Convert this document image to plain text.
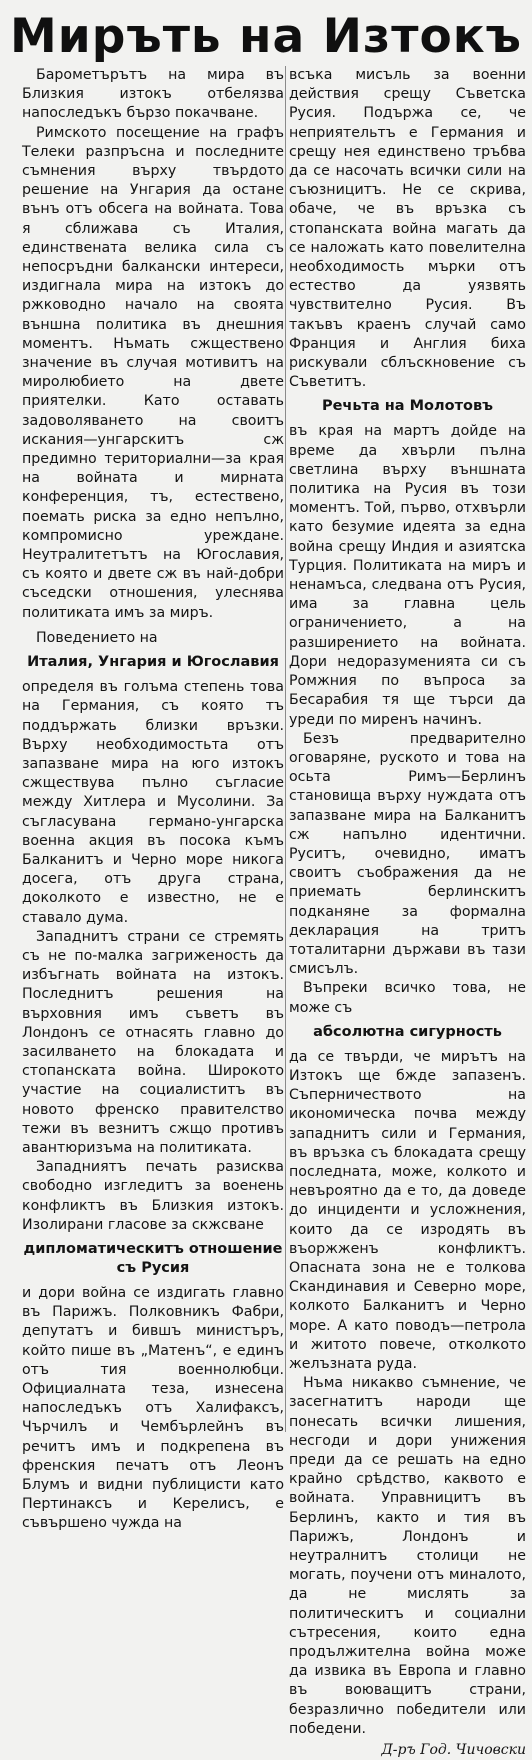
Миръть на Изтокъ

Барометърътъ на мира въ Близкия изтокъ отбелязва напоследъкъ бързо покачване.

Римското посещение на графъ Телеки разпръсна и последните съмнения върху твърдото решение на Унгария да остане вънъ отъ обсега на войната. Това я сближава съ Италия, единствената велика сила съ непосръдни балкански интереси, издигнала мира на изтокъ до ржководно начало на своята външна политика въ днешния моментъ. Нъмать сжществено значение въ случая мотивитъ на миролюбието на двете приятелки. Като оставать задоволяването на своитъ искания—унгарскитъ сж предимно териториални—за края на войната и мирната конференция, тъ, естествено, поемать риска за едно непълно, компромисно уреждане. Неутралитетътъ на Югославия, съ която и двете сж въ най-добри съседски отношения, улеснява политиката имъ за миръ.

Поведението на
Италия, Унгария и Югославия

определя въ голъма степень това на Германия, съ която тъ поддържать близки връзки. Върху необходимостьта отъ запазване мира на юго изтокъ сжществува пълно съгласие между Хитлера и Мусолини. За съгласувана германо-унгарска военна акция въ посока къмъ Балканитъ и Черно море никога досега, отъ друга страна, доколкото е известно, не е ставало дума.

Западнитъ страни се стремять съ не по-малка загриженость да избъгнать войната на изтокъ. Последнитъ решения на върховния имъ съветъ въ Лондонъ се отнасять главно до засилването на блокадата и стопанската война. Широкото участие на социалиститъ въ новото френско правителство тежи въ везнитъ сжщо противъ авантюризъма на политиката.

Западниятъ печать разисква свободно изгледитъ за военень конфликтъ въ Близкия изтокъ. Изолирани гласове за скжсване

дипломатическитъ отношение съ Русия

и дори война се издигать главно въ Парижъ. Полковникъ Фабри, депутатъ и бившъ министъръ, който пише въ „Матенъ“, е единъ отъ тия военнолюбци. Официалната теза, изнесена напоследъкъ отъ Халифаксъ, Чърчилъ и Чембърлейнъ въ речитъ имъ и подкрепена въ френския печатъ отъ Леонъ Блумъ и видни публицисти като Пертинаксъ и Керелисъ, е съвършено чужда на

всъка мисъль за военни действия срещу Съветска Русия. Подържа се, че неприятельтъ е Германия и срещу нея единствено тръбва да се насочать всички сили на съюзницитъ. Не се скрива, обаче, че въ връзка съ стопанската война магать да се наложать като повелителна необходимость мърки отъ естество да уязвять чувствително Русия. Въ такъвъ краенъ случай само Франция и Англия биха рискували сблъскновение съ Съветитъ.

Речьта на Молотовъ

въ края на мартъ дойде на време да хвърли пълна светлина върху външната политика на Русия въ този моментъ. Той, първо, отхвърли като безумие идеята за една война срещу Индия и азиятска Турция. Политиката на миръ и ненамъса, следвана отъ Русия, има за главна цель ограничението, а на разширението на войната. Дори недоразуменията си съ Ромжния по въпроса за Бесарабия тя ще търси да уреди по миренъ начинъ.

Безъ предварително оговаряне, руското и това на осьта Римъ—Берлинъ становища върху нуждата отъ запазване мира на Балканитъ сж напълно идентични. Руситъ, очевидно, иматъ своитъ съображения да не приемать берлинскитъ подканяне за формална декларация на тритъ тоталитарни държави въ тази смисълъ.

Въпреки всичко това, не може съ

абсолютна сигурность

да се твърди, че мирътъ на Изтокъ ще бжде запазенъ. Съперничеството на икономическа почва между западнитъ сили и Германия, въ връзка съ блокадата срещу последната, може, колкото и невъроятно да е то, да доведе до инциденти и усложнения, които да се изродять въ въоржженъ конфликтъ. Опасната зона не е толкова Скандинавия и Северно море, колкото Балканитъ и Черно море. А като поводъ—петрола и житото повече, отколкото желъзната руда.

Нъма никакво съмнение, че засегнатитъ народи ще понесать всички лишения, несгоди и дори унижения преди да се решать на едно крайно срѣдство, каквото е войната. Управницитъ въ Берлинъ, както и тия въ Парижъ, Лондонъ и неутралнитъ столици не могать, поучени отъ миналото, да не мислять за политическитъ и социални сътресения, които една продължителна война може да извика въ Европа и главно въ воюващитъ страни, безразлично победители или победени.

Д-ръ Год. Чичовски
